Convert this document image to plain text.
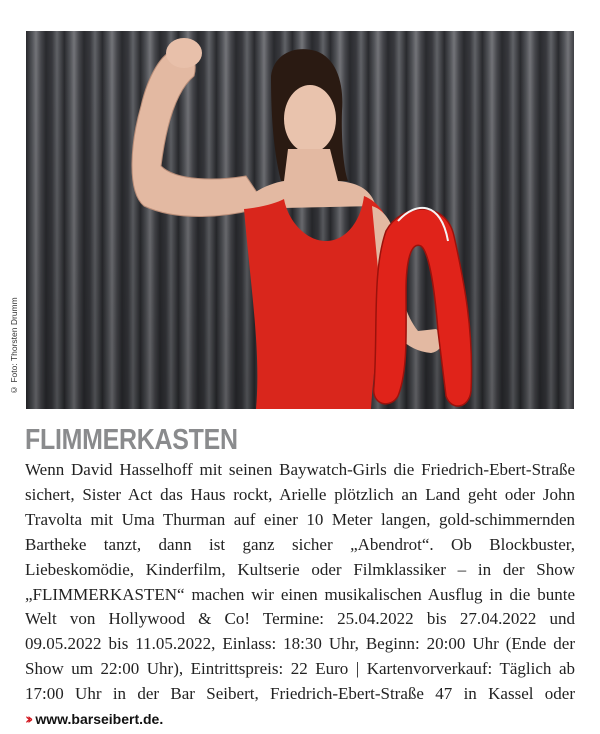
© Foto: Thorsten Drumm
FLIMMERKASTEN

Wenn David Hasselhoff mit seinen Baywatch-Girls die Friedrich-Ebert-Straße sichert, Sister Act das Haus rockt, Arielle plötzlich an Land geht oder John Travolta mit Uma Thurman auf einer 10 Meter langen, gold-schimmernden Bartheke tanzt, dann ist ganz sicher „Abendrot“. Ob Blockbuster, Liebeskomödie, Kinderfilm, Kultserie oder Filmklassiker – in der Show „FLIMMERKASTEN“ machen wir einen musikalischen Ausflug in die bunte Welt von Hollywood & Co! Termine: 25.04.2022 bis 27.04.2022 und 09.05.2022 bis 11.05.2022, Einlass: 18:30 Uhr, Beginn: 20:00 Uhr (Ende der Show um 22:00 Uhr), Eintrittspreis: 22 Euro | Kartenvorverkauf: Täglich ab 17:00 Uhr in der Bar Seibert, Friedrich-Ebert-Straße 47 in Kassel oder ›› www.barseibert.de.
